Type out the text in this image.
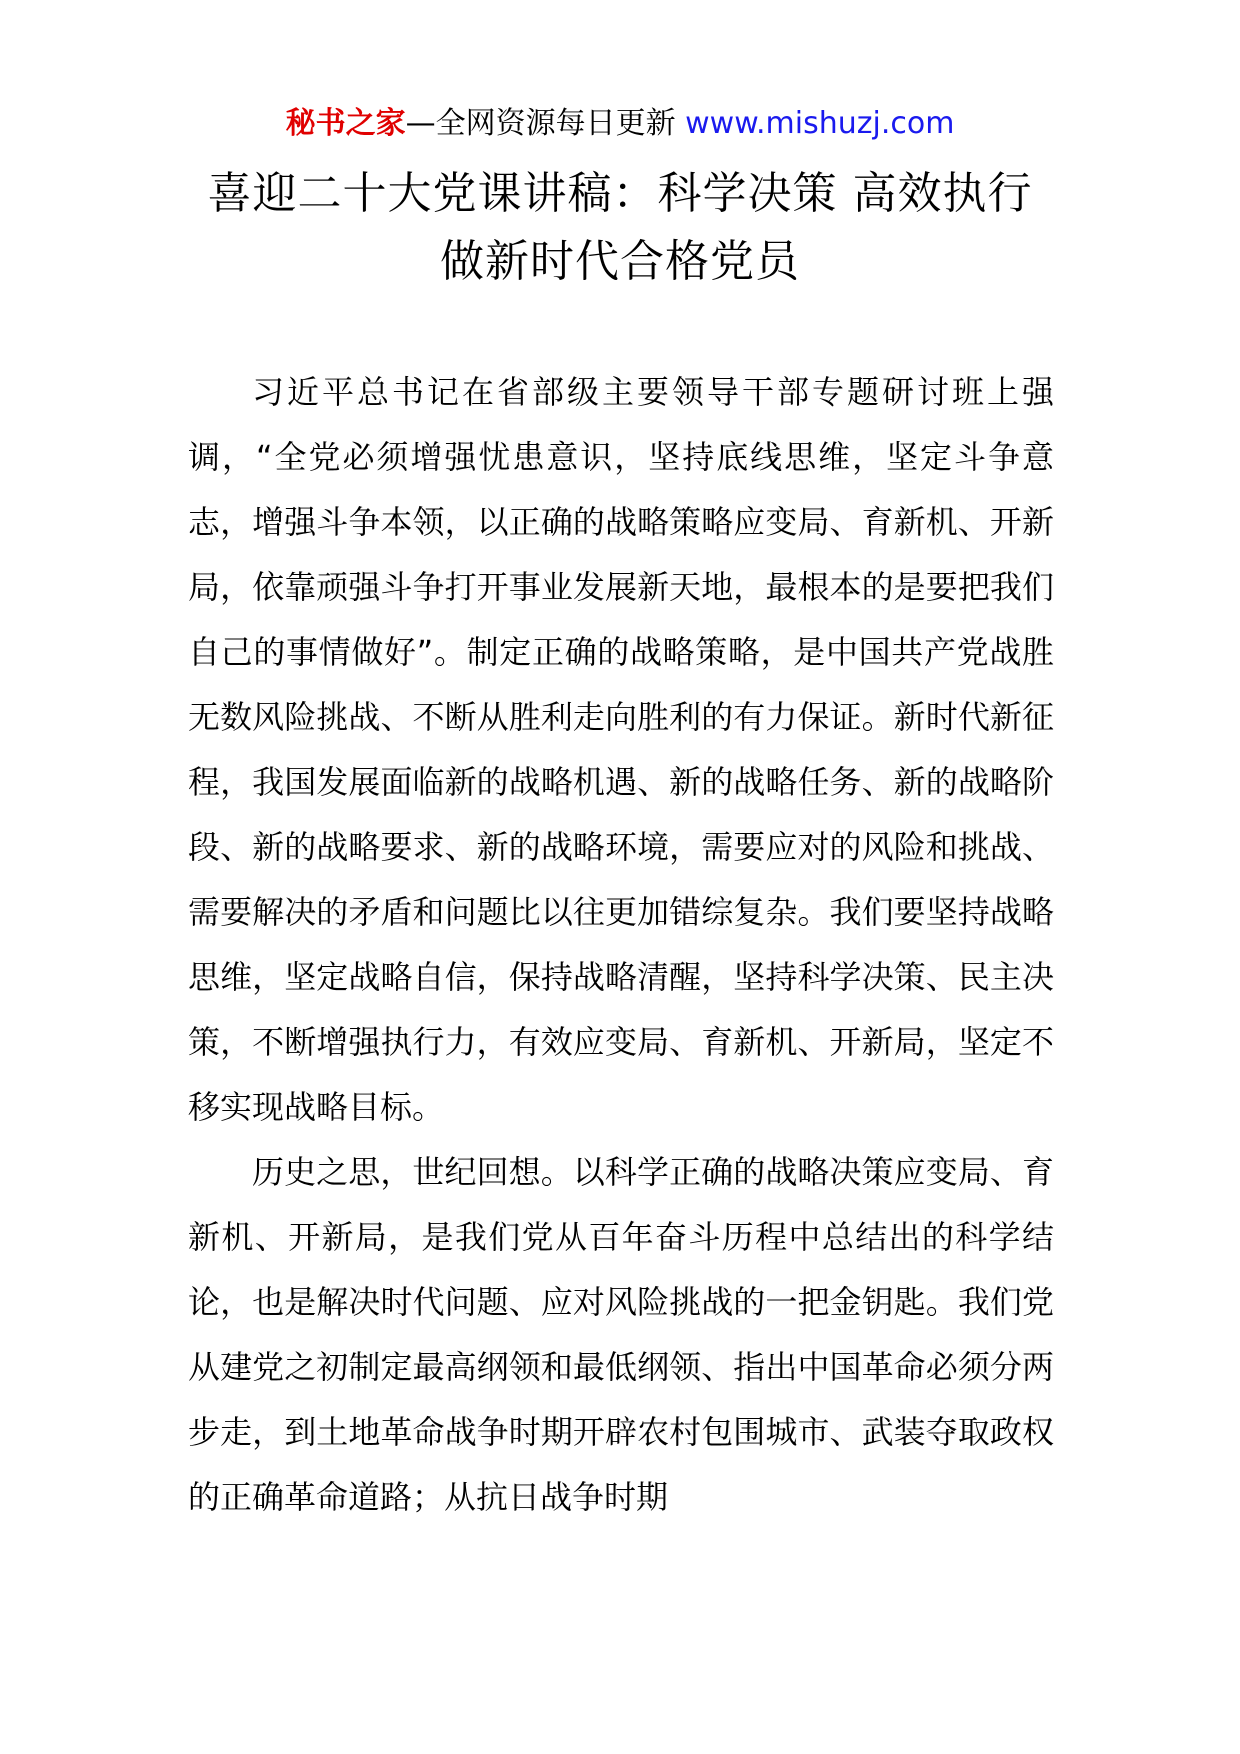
秘书之家—全网资源每日更新 www.mishuzj.com
喜迎二十大党课讲稿：科学决策 高效执行
做新时代合格党员

习近平总书记在省部级主要领导干部专题研讨班上强调，“全党必须增强忧患意识，坚持底线思维，坚定斗争意志，增强斗争本领，以正确的战略策略应变局、育新机、开新局，依靠顽强斗争打开事业发展新天地，最根本的是要把我们自己的事情做好”。制定正确的战略策略，是中国共产党战胜无数风险挑战、不断从胜利走向胜利的有力保证。新时代新征程，我国发展面临新的战略机遇、新的战略任务、新的战略阶段、新的战略要求、新的战略环境，需要应对的风险和挑战、需要解决的矛盾和问题比以往更加错综复杂。我们要坚持战略思维，坚定战略自信，保持战略清醒，坚持科学决策、民主决策，不断增强执行力，有效应变局、育新机、开新局，坚定不移实现战略目标。

历史之思，世纪回想。以科学正确的战略决策应变局、育新机、开新局，是我们党从百年奋斗历程中总结出的科学结论，也是解决时代问题、应对风险挑战的一把金钥匙。我们党从建党之初制定最高纲领和最低纲领、指出中国革命必须分两步走，到土地革命战争时期开辟农村包围城市、武装夺取政权的正确革命道路；从抗日战争时期
